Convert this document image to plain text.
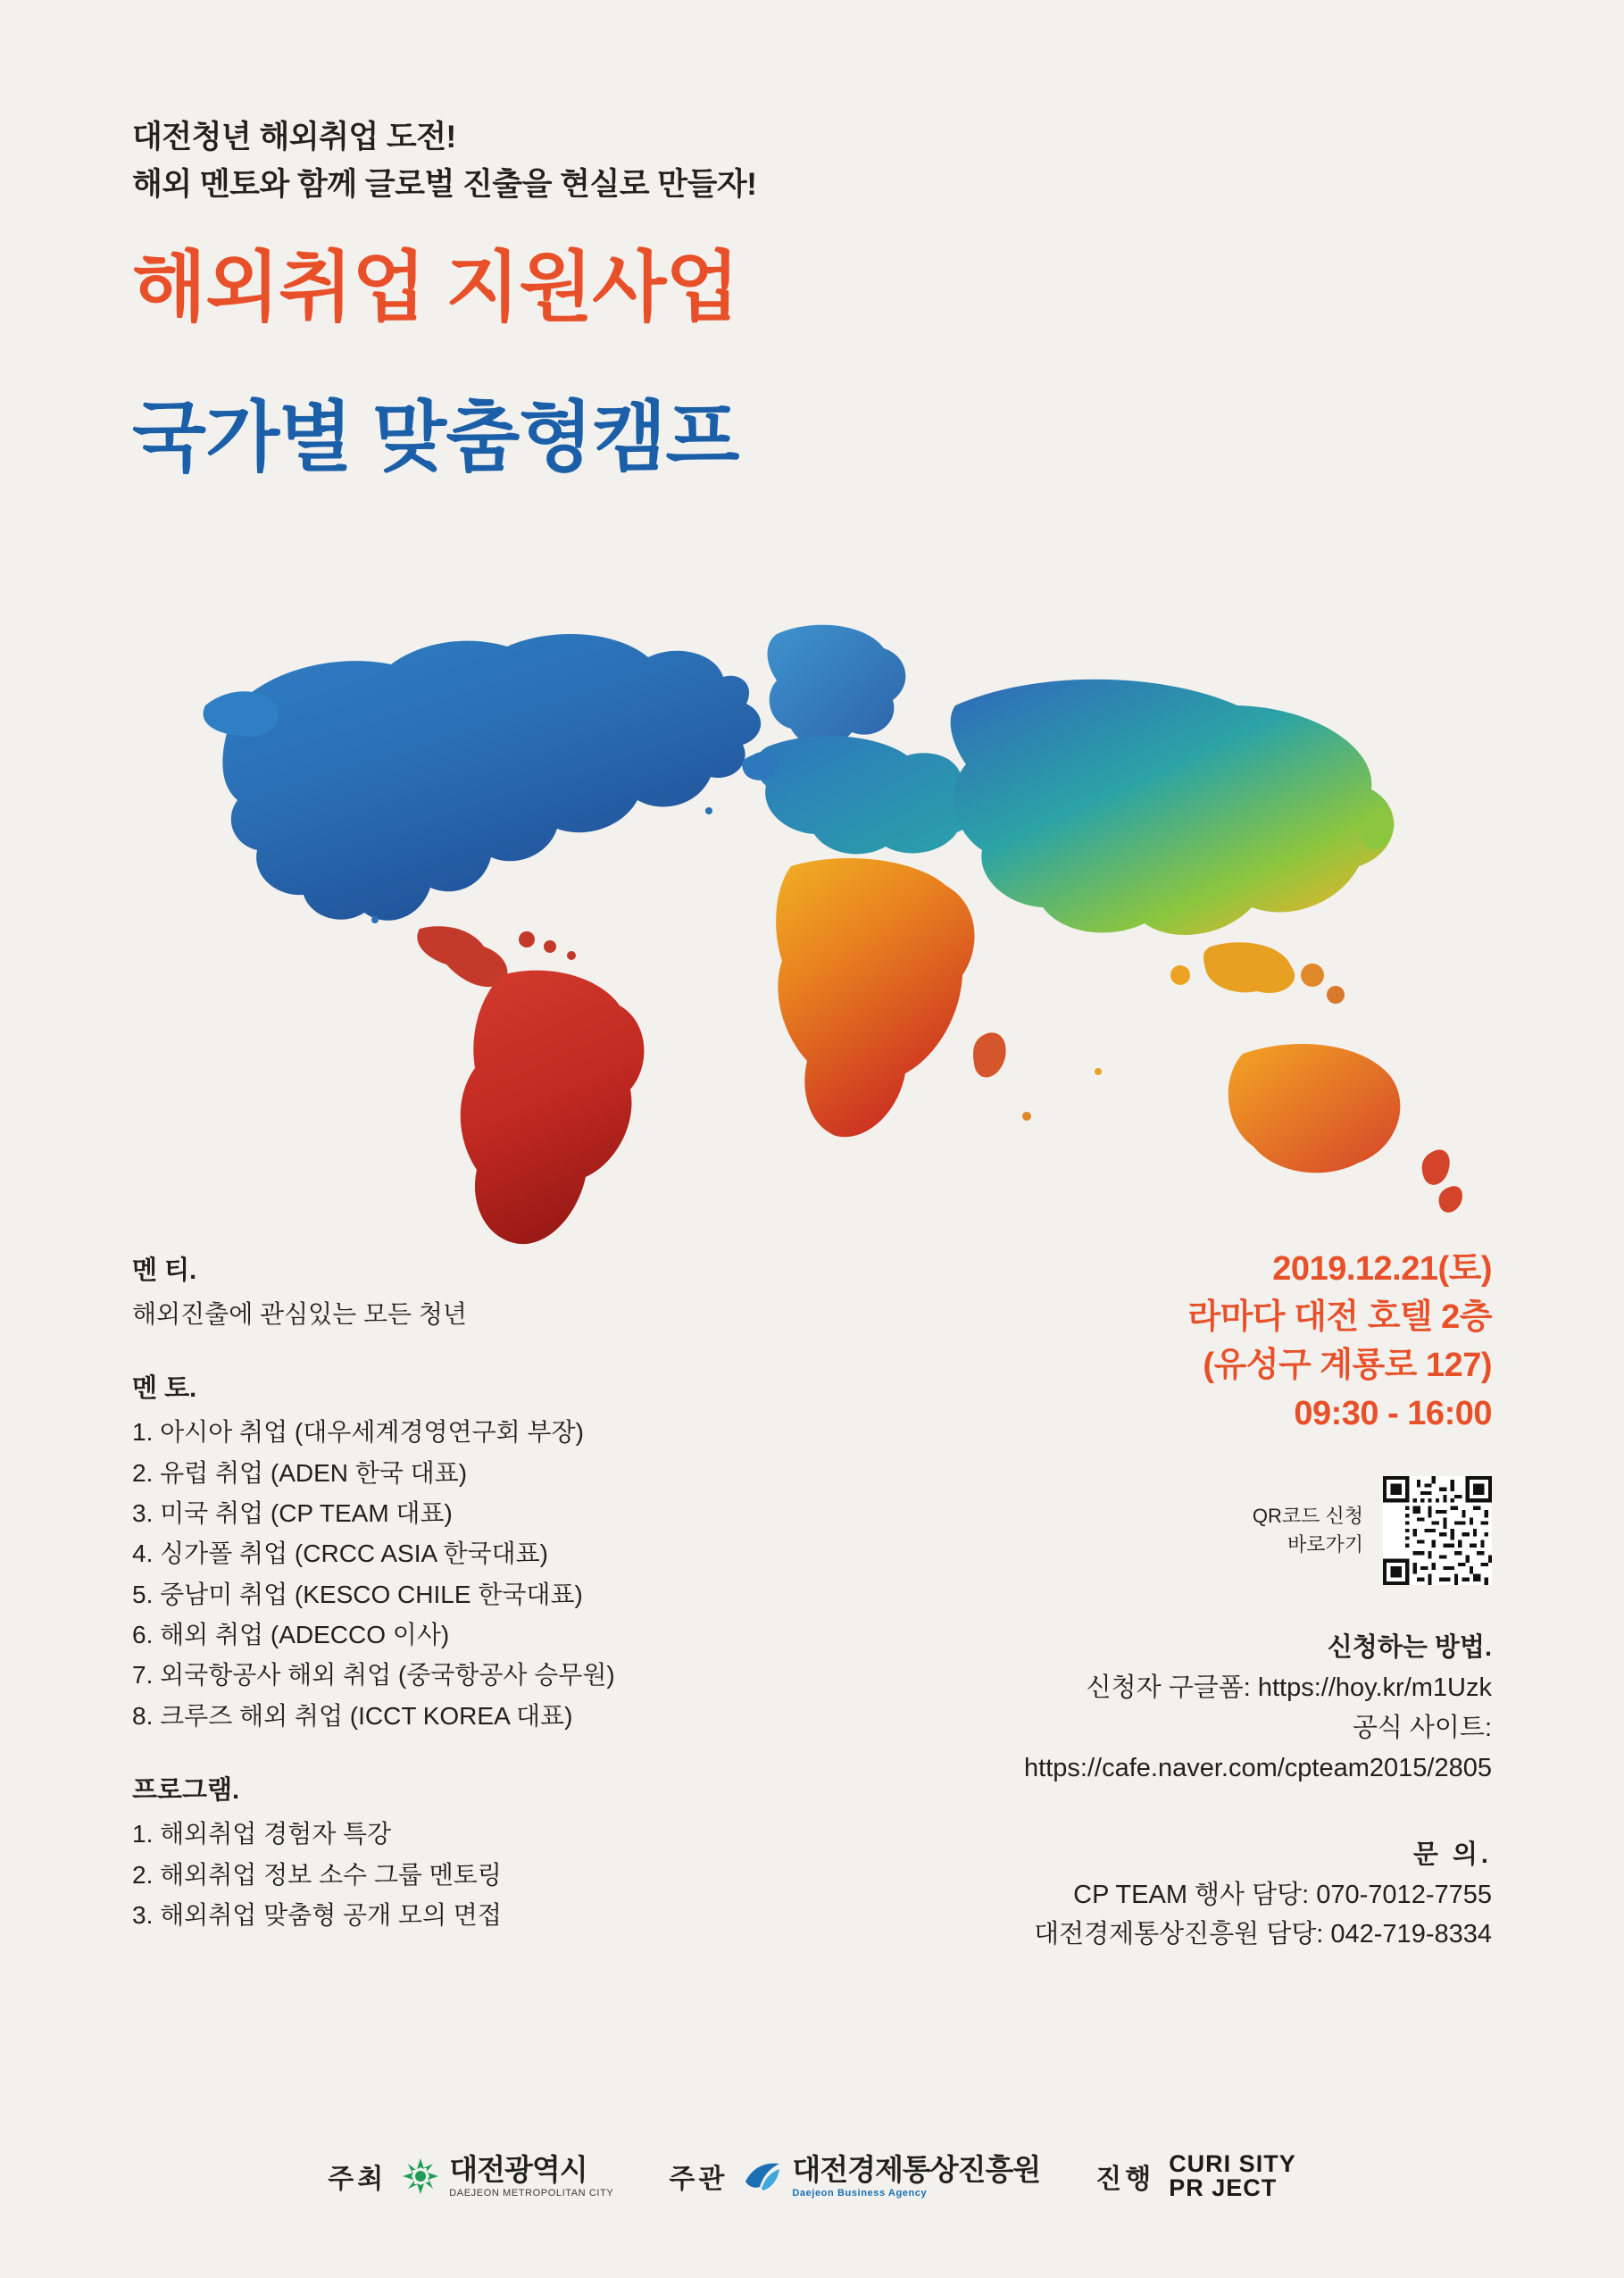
대전청년 해외취업 도전!
해외 멘토와 함께 글로벌 진출을 현실로 만들자!
해외취업 지원사업
국가별 맞춤형캠프
멘 티.
해외진출에 관심있는 모든 청년
멘 토.
1. 아시아 취업 (대우세계경영연구회 부장)
2. 유럽 취업 (ADEN 한국 대표)
3. 미국 취업 (CP TEAM 대표)
4. 싱가폴 취업 (CRCC ASIA 한국대표)
5. 중남미 취업 (KESCO CHILE 한국대표)
6. 해외 취업 (ADECCO 이사)
7. 외국항공사 해외 취업 (중국항공사 승무원)
8. 크루즈 해외 취업 (ICCT KOREA 대표)
프로그램.
1. 해외취업 경험자 특강
2. 해외취업 정보 소수 그룹 멘토링
3. 해외취업 맞춤형 공개 모의 면접
2019.12.21(토)
라마다 대전 호텔 2층
(유성구 계룡로 127)
09:30 - 16:00
QR코드 신청
바로가기
신청하는 방법.
신청자 구글폼: https://hoy.kr/m1Uzk
공식 사이트:
https://cafe.naver.com/cpteam2015/2805
문 의.
CP TEAM 행사 담당: 070-7012-7755
대전경제통상진흥원 담당: 042-719-8334
주최 대전광역시
DAEJEON METROPOLITAN CITY 주관 대전경제통상진흥원
Daejeon Business Agency	진행
CURI SITY
PR JECT
